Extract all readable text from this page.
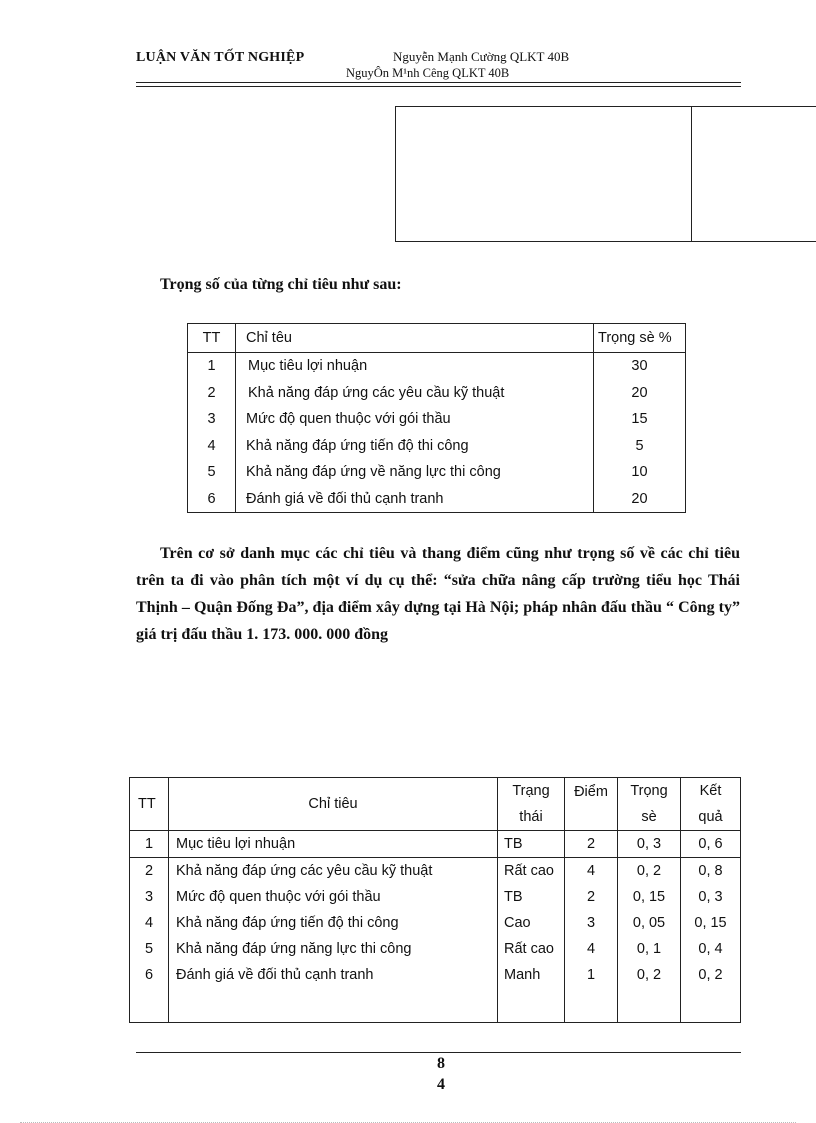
LUẬN VĂN TỐT NGHIỆP	Nguyễn Mạnh Cường QLKT 40B
NguyÔn M¹nh Cêng QLKT 40B
Trọng số của từng chỉ tiêu như sau:
TT	Chỉ têu	Trọng sè %
1	Mục tiêu lợi nhuận	30
2	Khả năng đáp ứng các yêu cầu kỹ thuật	20
3	Mức độ quen thuộc với gói thầu	15
4	Khả năng đáp ứng tiến độ thi công	5
5	Khả năng đáp ứng về năng lực thi công	10
6	Đánh giá về đối thủ cạnh tranh	20
Trên cơ sở danh mục các chỉ tiêu và thang điểm cũng như trọng số về các chỉ tiêu trên ta đi vào phân tích một ví dụ cụ thể: “sửa chữa nâng cấp trường tiểu học Thái Thịnh – Quận Đống Đa”, địa điểm xây dựng tại Hà Nội; pháp nhân đấu thầu “ Công ty” giá trị đấu thầu 1. 173. 000. 000 đồng
TT	Chỉ tiêu	Trạng	Điểm	Trọng	Kết
		thái		sè	quả
1	Mục tiêu lợi nhuận	TB	2	0, 3	0, 6
2	Khả năng đáp ứng các yêu cầu kỹ thuật	Rất cao	4	0, 2	0, 8
3	Mức độ quen thuộc với gói thầu	TB	2	0, 15	0, 3
4	Khả năng đáp ứng tiến độ thi công	Cao	3	0, 05	0, 15
5	Khả năng đáp ứng năng lực thi công	Rất cao	4	0, 1	0, 4
6	Đánh giá về đối thủ cạnh tranh	Manh	1	0, 2	0, 2

8
4
